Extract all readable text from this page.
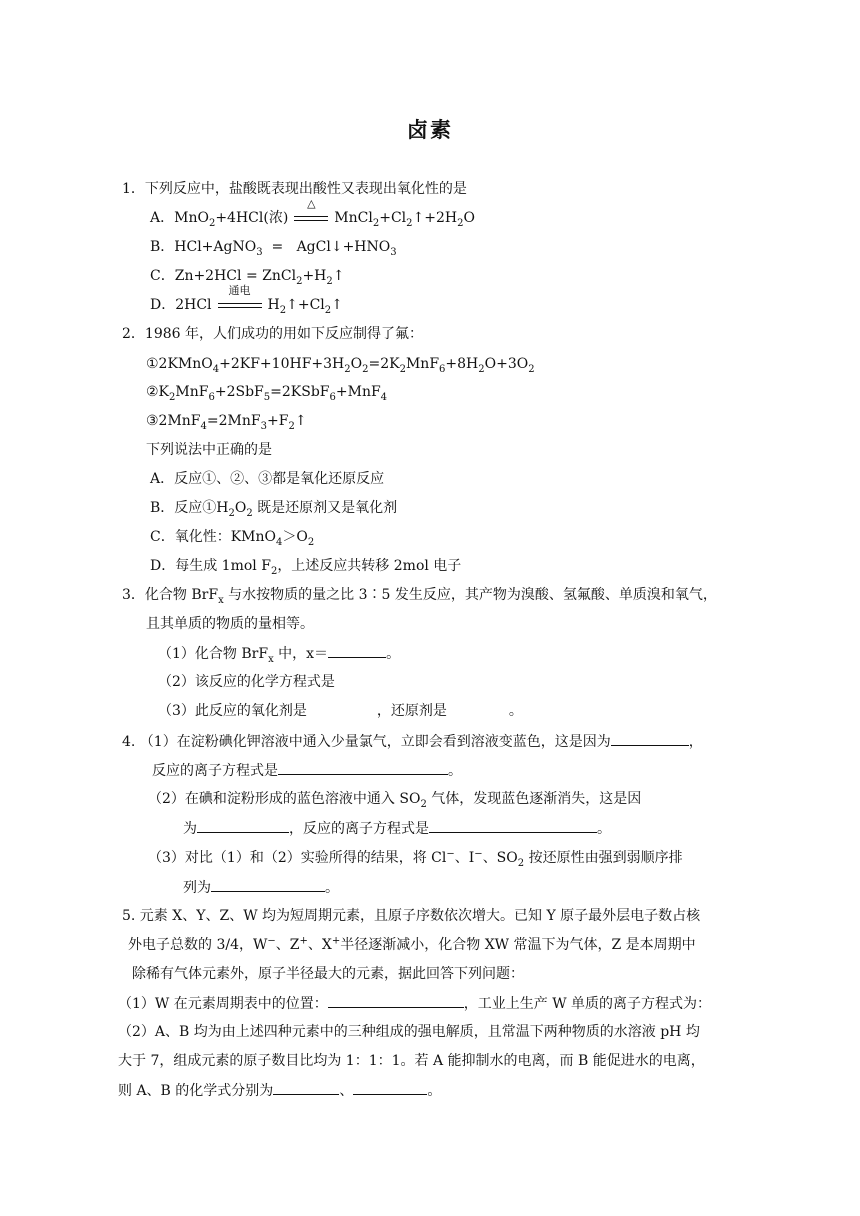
卤素
1．下列反应中，盐酸既表现出酸性又表现出氧化性的是
A．MnO$_2$+4HCl(浓)
△
$MnCl_2+Cl_2↑+2H_2O$
B．HCl+AgNO$_3$  =   $AgCl↓+HNO_3$
C．$Zn+2HCl = ZnCl_2+H_2↑$
D．2HCl
通电
$H_2↑+Cl_2↑$
2．1986 年，人们成功的用如下反应制得了氟：
$①2KMnO_4+2KF+10HF+3H_2O_2=2K_2MnF_6+8H_2O+3O_2$
$②K_2MnF_6+2SbF_5=2KSbF_6+MnF_4$
$③2MnF_4=2MnF_3+F_2↑$
下列说法中正确的是
A．反应①、②、③都是氧化还原反应
B．反应$①H_2O_2$ 既是还原剂又是氧化剂
C．氧化性：$KMnO_4>O_2$
D．每生成 1mol $F_2$，上述反应共转移 2mol 电子
3．化合物 BrF$_x$ 与水按物质的量之比 3∶5 发生反应，其产物为溴酸、氢氟酸、单质溴和氧气，
且其单质的物质的量相等。
（1）化合物 BrF$_x$ 中，x＝	。
（2）该反应的化学方程式是
（3）此反应的氧化剂是	，还原剂是	。
4. （1）在淀粉碘化钾溶液中通入少量氯气，立即会看到溶液变蓝色，这是因为	，
反应的离子方程式是	。
（2）在碘和淀粉形成的蓝色溶液中通入 $SO_2$ 气体，发现蓝色逐渐消失，这是因
为	，反应的离子方程式是	。
（3）对比（1）和（2）实验所得的结果，将 Cl−、I−、$SO_2$ 按还原性由强到弱顺序排
列为	。
5. 元素 X、Y、Z、W 均为短周期元素，且原子序数依次增大。已知 Y 原子最外层电子数占核
外电子总数的 3/4，W−、Z+、X+半径逐渐减小，化合物 XW 常温下为气体，Z 是本周期中
除稀有气体元素外，原子半径最大的元素，据此回答下列问题：
（1）W 在元素周期表中的位置：	，工业上生产 W 单质的离子方程式为：
（2）A、B 均为由上述四种元素中的三种组成的强电解质，且常温下两种物质的水溶液 pH 均
大于 7，组成元素的原子数目比均为 1：1：1。若 A 能抑制水的电离，而 B 能促进水的电离，
则 A、B 的化学式分别为	、	。
